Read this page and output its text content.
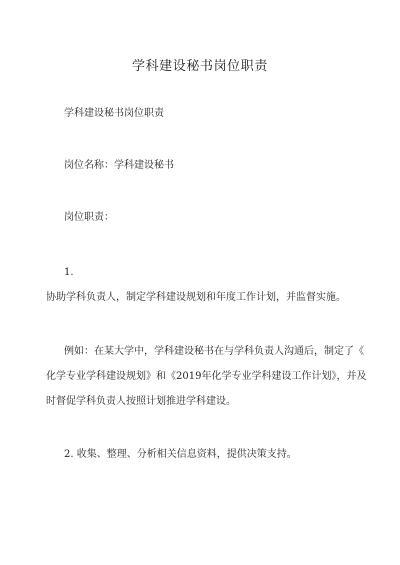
学科建设秘书岗位职责

学科建设秘书岗位职责

岗位名称：学科建设秘书

岗位职责：

1.

协助学科负责人，制定学科建设规划和年度工作计划，并监督实施。

例如：在某大学中，学科建设秘书在与学科负责人沟通后，制定了《

化学专业学科建设规划》和《2019年化学专业学科建设工作计划》，并及

时督促学科负责人按照计划推进学科建设。

2. 收集、整理、分析相关信息资料，提供决策支持。
